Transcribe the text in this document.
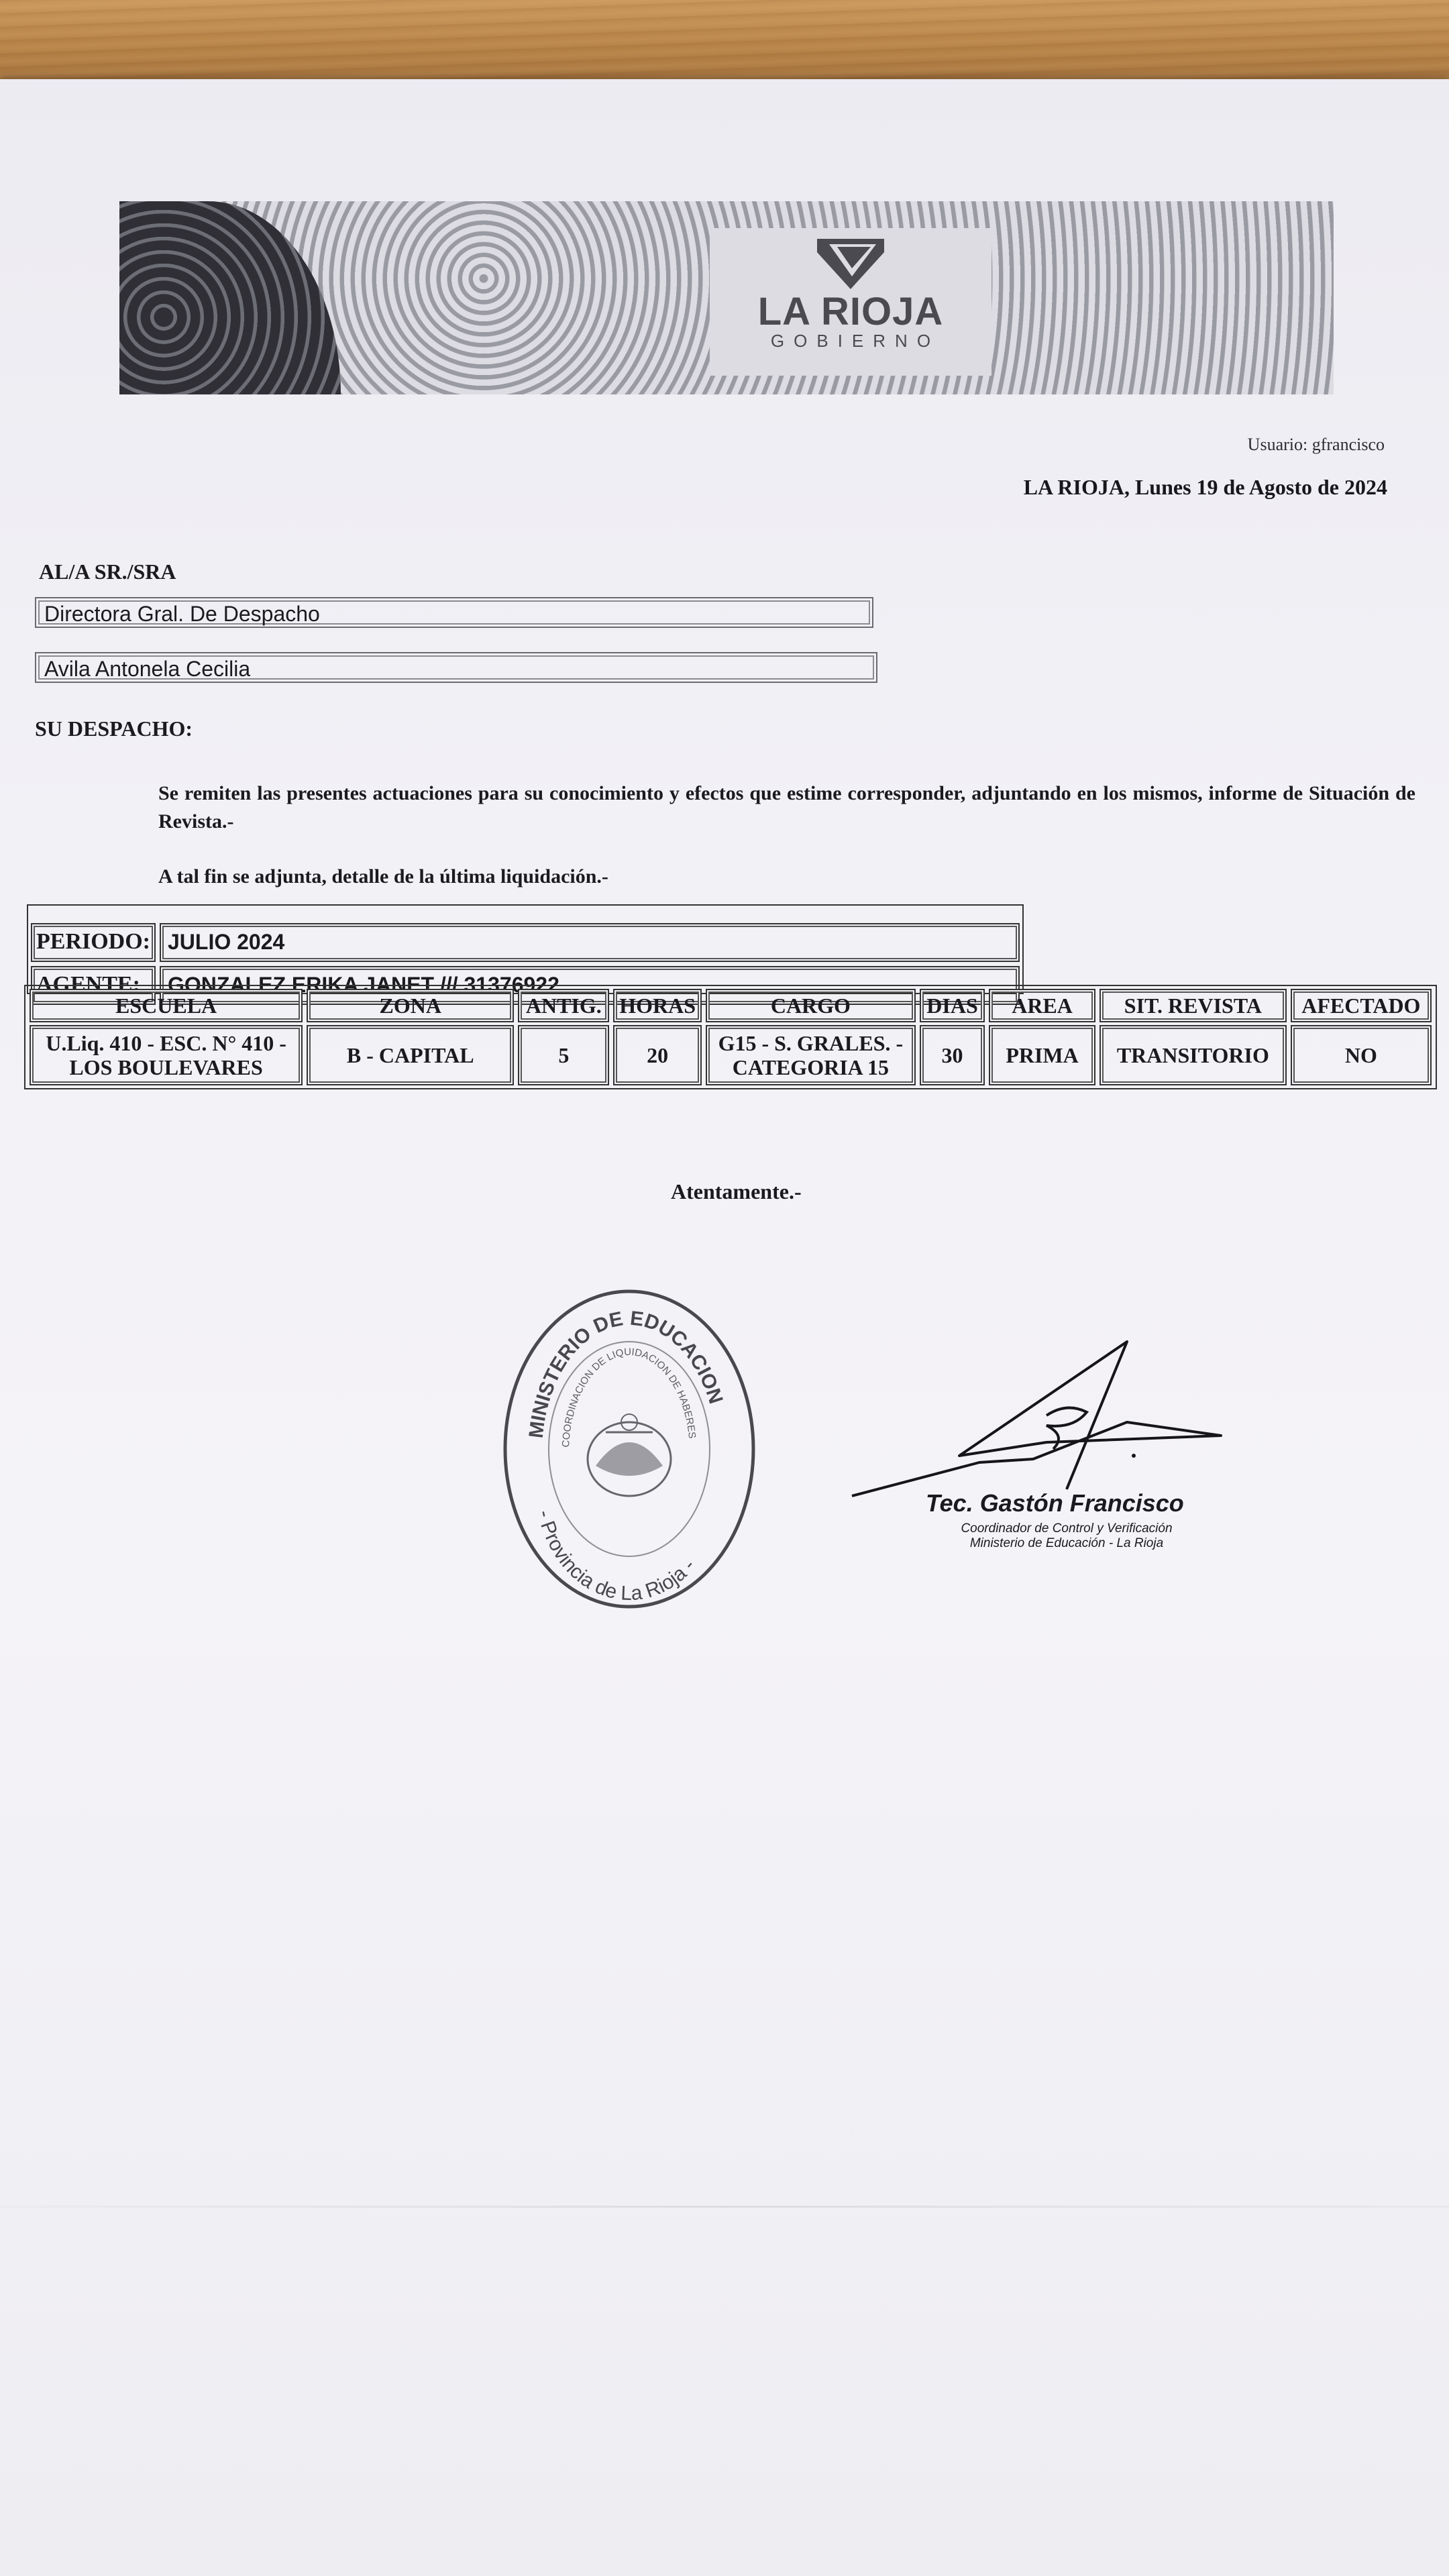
LA RIOJA
GOBIERNO
Usuario: gfrancisco
LA RIOJA, Lunes 19 de Agosto de 2024
AL/A SR./SRA
Directora Gral. De Despacho
Avila Antonela Cecilia
SU DESPACHO:
Se remiten las presentes actuaciones para su conocimiento y efectos que estime corresponder, adjuntando en los mismos, informe de Situación de Revista.-
A tal fin se adjunta, detalle de la última liquidación.-
PERIODO: JULIO 2024
AGENTE:	GONZALEZ ERIKA JANET /// 31376922
ESCUELA	ZONA	ANTIG.	HORAS	CARGO	DIAS	AREA	SIT. REVISTA	AFECTADO
U.Liq. 410 - ESC. N° 410 - LOS BOULEVARES	B - CAPITAL	5	20	G15 - S. GRALES. - CATEGORIA 15	30	PRIMA	TRANSITORIO	NO
Atentamente.-
MINISTERIO DE EDUCACION
COORDINACION DE LIQUIDACION DE HABERES
- Provincia de La Rioja -
Tec. Gastón Francisco
Coordinador de Control y Verificación
Ministerio de Educación - La Rioja
